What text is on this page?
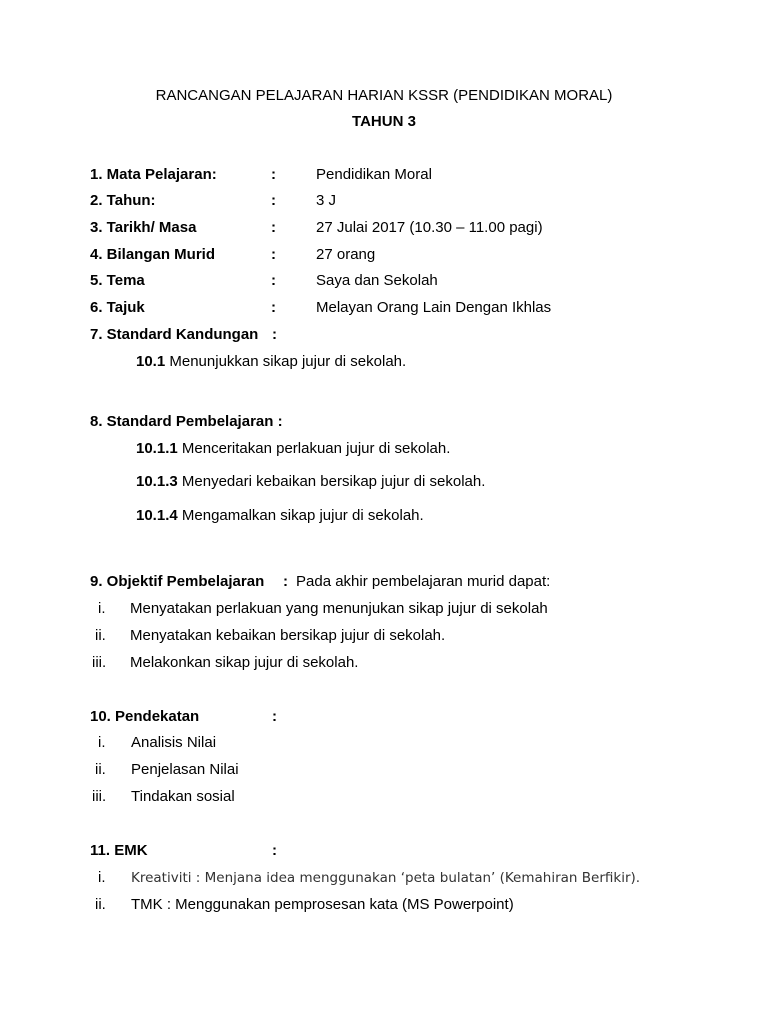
RANCANGAN PELAJARAN HARIAN KSSR (PENDIDIKAN MORAL)
TAHUN 3
1. Mata Pelajaran:	:	Pendidikan Moral
2. Tahun:	:	3 J
3. Tarikh/ Masa	:	27 Julai 2017 (10.30 – 11.00 pagi)
4. Bilangan Murid	:	27 orang
5. Tema	:	Saya dan Sekolah
6. Tajuk	:	Melayan Orang Lain Dengan Ikhlas
7. Standard Kandungan :
10.1 Menunjukkan sikap jujur di sekolah.
8. Standard Pembelajaran :
10.1.1 Menceritakan perlakuan jujur di sekolah.
10.1.3 Menyedari kebaikan bersikap jujur di sekolah.
10.1.4 Mengamalkan sikap jujur di sekolah.
9. Objektif Pembelajaran : Pada akhir pembelajaran murid dapat:
i. Menyatakan perlakuan yang menunjukan sikap jujur di sekolah
ii. Menyatakan kebaikan bersikap jujur di sekolah.
iii. Melakonkan sikap jujur di sekolah.
10. Pendekatan	:
i. Analisis Nilai
ii. Penjelasan Nilai
iii. Tindakan sosial
11. EMK	:
i. Kreativiti : Menjana idea menggunakan ‘peta bulatan’ (Kemahiran Berfikir).
ii. TMK : Menggunakan pemprosesan kata (MS Powerpoint)
